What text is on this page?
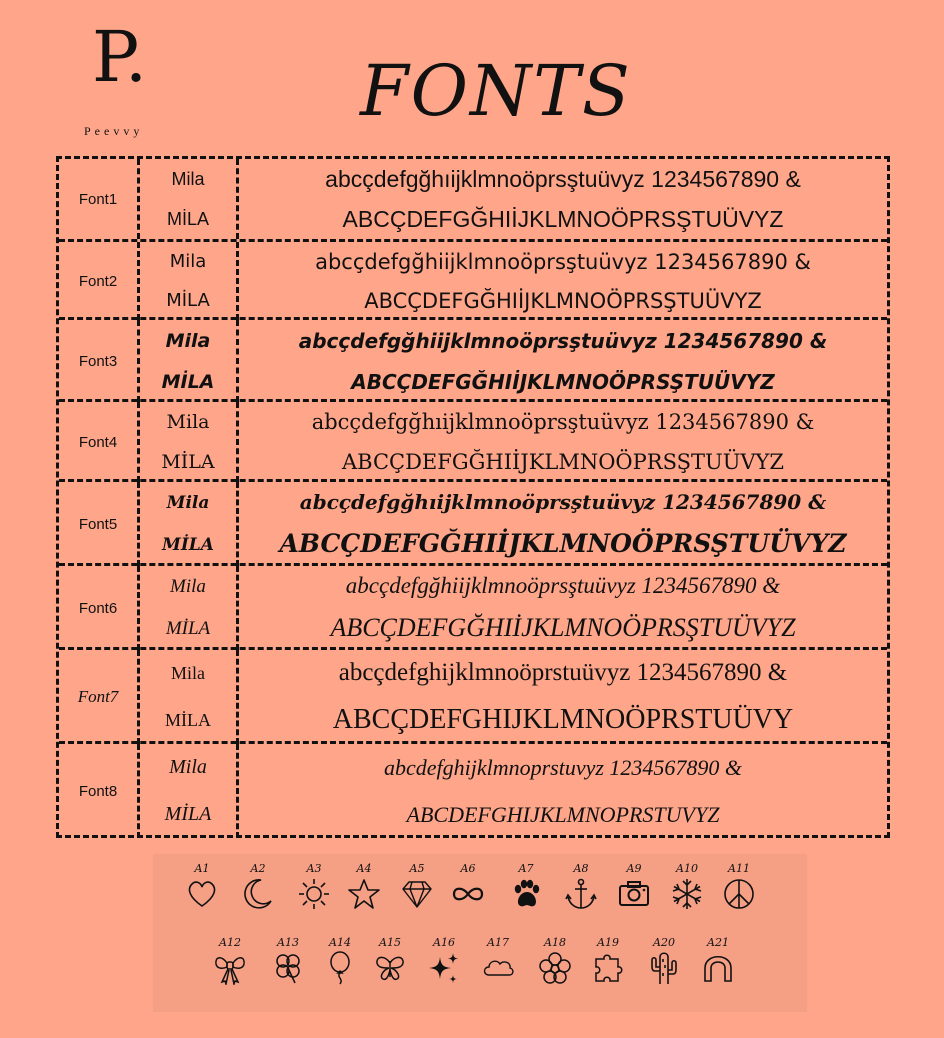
P.
Peevvy	FONTS
Font1
Mila
MİLA
abcçdefgğhıijklmnoöprsştuüvyz 1234567890 &
ABCÇDEFGĞHIİJKLMNOÖPRSŞTUÜVYZ
Font2
Mila
MİLA
abcçdefgğhiijklmnoöprsştuüvyz 1234567890 &
ABCÇDEFGĞHIİJKLMNOÖPRSŞTUÜVYZ
Font3
Mila
MİLA
abcçdefgğhiijklmnoöprsştuüvyz 1234567890 &
ABCÇDEFGĞHIİJKLMNOÖPRSŞTUÜVYZ
Font4
Mila
MİLA
abcçdefgğhıijklmnoöprsştuüvyz 1234567890 &
ABCÇDEFGĞHIİJKLMNOÖPRSŞTUÜVYZ
Font5
Mila
MİLA
abcçdefgğhıijklmnoöprsştuüvyz 1234567890 &
ABCÇDEFGĞHIİJKLMNOÖPRSŞTUÜVYZ
Font6
Mila
MİLA
abcçdefgğhiijklmnoöprsştuüvyz 1234567890 &
ABCÇDEFGĞHIİJKLMNOÖPRSŞTUÜVYZ
Font7
Mila
MİLA
abcçdefghijklmnoöprstuüvyz 1234567890 &
ABCÇDEFGHIJKLMNOÖPRSTUÜVY
Font8
Mila
MİLA
abcdefghijklmnoprstuvyz 1234567890 &
ABCDEFGHIJKLMNOPRSTUVYZ
A1	A2	A3	A4	A5	A6	A7	A8	A9	A10	A11
A12	A13	A14	A15	A16	A17	A18	A19	A20	A21
